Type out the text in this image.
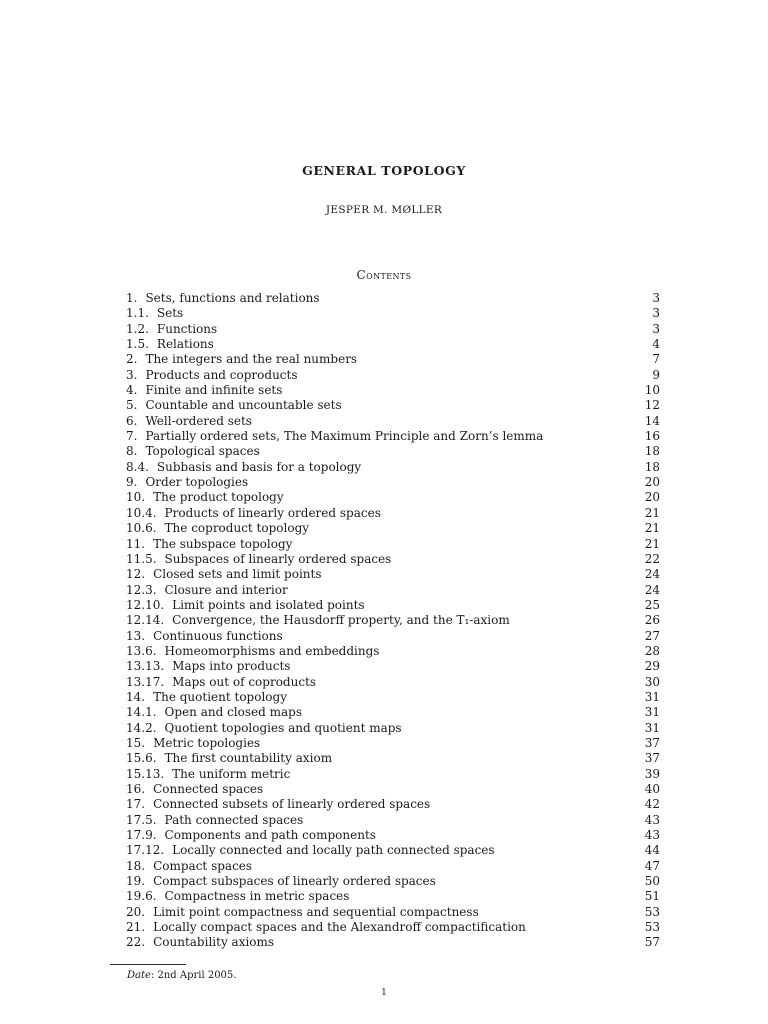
GENERAL TOPOLOGY
JESPER M. MØLLER
Contents
1. Sets, functions and relations	3
1.1. Sets	3
1.2. Functions	3
1.5. Relations	4
2. The integers and the real numbers	7
3. Products and coproducts	9
4. Finite and infinite sets	10
5. Countable and uncountable sets	12
6. Well-ordered sets	14
7. Partially ordered sets, The Maximum Principle and Zorn’s lemma	16
8. Topological spaces	18
8.4. Subbasis and basis for a topology	18
9. Order topologies	20
10. The product topology	20
10.4. Products of linearly ordered spaces	21
10.6. The coproduct topology	21
11. The subspace topology	21
11.5. Subspaces of linearly ordered spaces	22
12. Closed sets and limit points	24
12.3. Closure and interior	24
12.10. Limit points and isolated points	25
12.14. Convergence, the Hausdorff property, and the T₁-axiom	26
13. Continuous functions	27
13.6. Homeomorphisms and embeddings	28
13.13. Maps into products	29
13.17. Maps out of coproducts	30
14. The quotient topology	31
14.1. Open and closed maps	31
14.2. Quotient topologies and quotient maps	31
15. Metric topologies	37
15.6. The first countability axiom	37
15.13. The uniform metric	39
16. Connected spaces	40
17. Connected subsets of linearly ordered spaces	42
17.5. Path connected spaces	43
17.9. Components and path components	43
17.12. Locally connected and locally path connected spaces	44
18. Compact spaces	47
19. Compact subspaces of linearly ordered spaces	50
19.6. Compactness in metric spaces	51
20. Limit point compactness and sequential compactness	53
21. Locally compact spaces and the Alexandroff compactification	53
22. Countability axioms	57
Date: 2nd April 2005.
1
